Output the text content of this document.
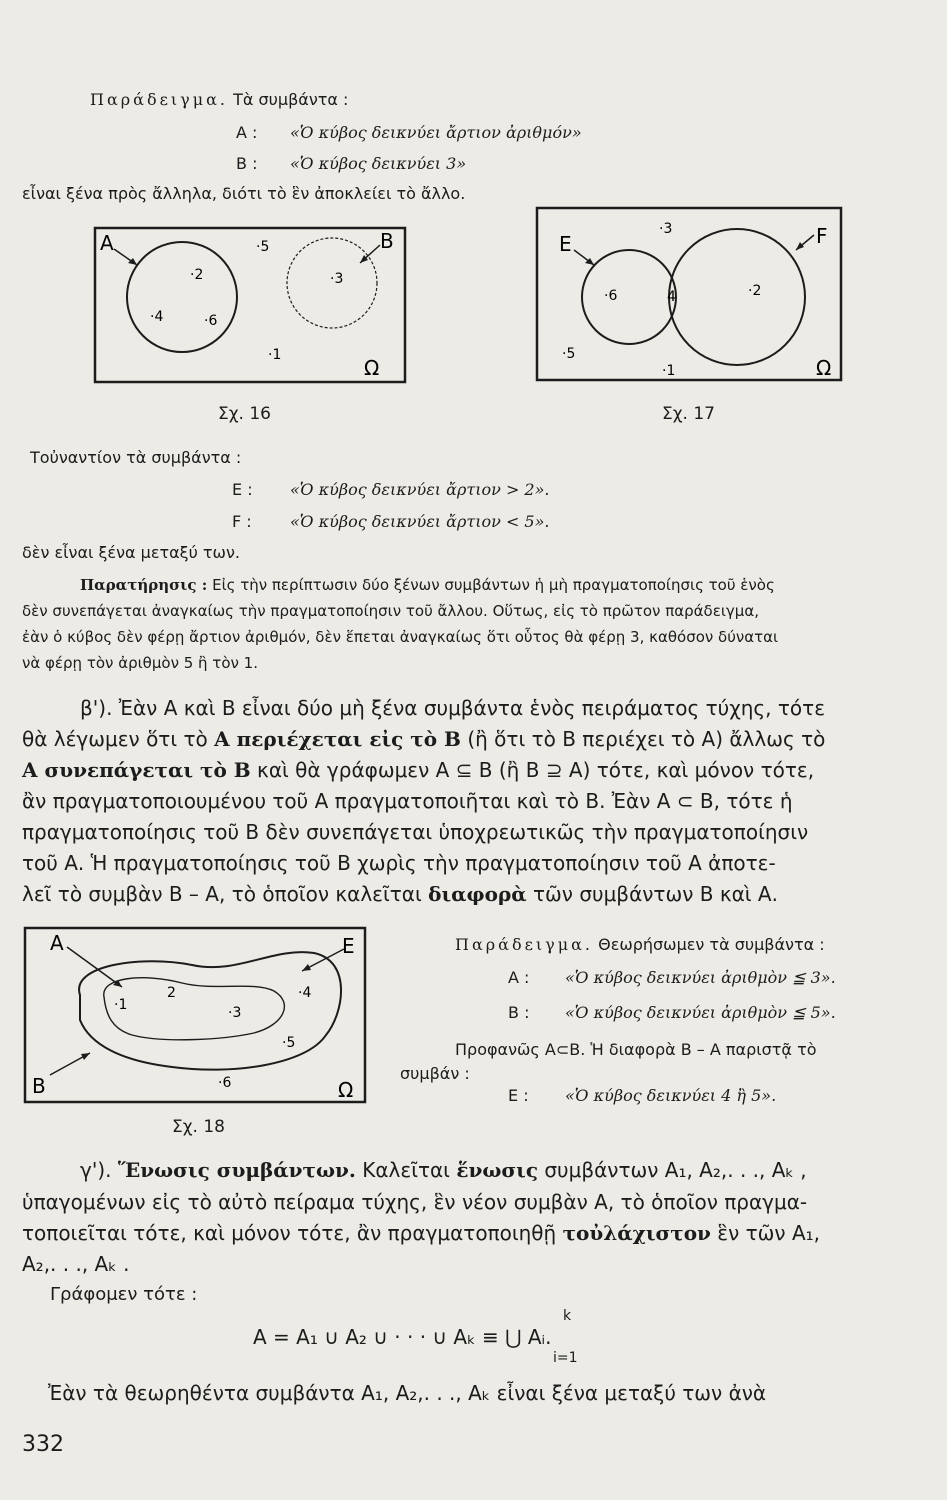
Παράδειγμα. Τὰ συμβάντα :
Α : «Ὁ κύβος δεικνύει ἄρτιον ἀριθμόν»
Β : «Ὁ κύβος δεικνύει 3»
εἶναι ξένα πρὸς ἄλληλα, διότι τὸ ἓν ἀποκλείει τὸ ἄλλο.
Α	Β
Ω
·2
·4	·6
·5
·3
·1
Σχ. 16
Ε	F
Ω
·3
·6	4	·2
·5
·1
Σχ. 17
Τοὐναντίον τὰ συμβάντα :
Ε : «Ὁ κύβος δεικνύει ἄρτιον > 2».
F : «Ὁ κύβος δεικνύει ἄρτιον < 5».
δὲν εἶναι ξένα μεταξύ των.
Παρατήρησις : Εἰς τὴν περίπτωσιν δύο ξένων συμβάντων ἡ μὴ πραγματοποίησις τοῦ ἑνὸς
δὲν συνεπάγεται ἀναγκαίως τὴν πραγματοποίησιν τοῦ ἄλλου. Οὕτως, εἰς τὸ πρῶτον παράδειγμα,
ἐὰν ὁ κύβος δὲν φέρῃ ἄρτιον ἀριθμόν, δὲν ἕπεται ἀναγκαίως ὅτι οὗτος θὰ φέρῃ 3, καθόσον δύναται
νὰ φέρῃ τὸν ἀριθμὸν 5 ἢ τὸν 1.
β'). Ἐὰν Α καὶ Β εἶναι δύο μὴ ξένα συμβάντα ἑνὸς πειράματος τύχης, τότε
θὰ λέγωμεν ὅτι τὸ Α περιέχεται εἰς τὸ Β (ἢ ὅτι τὸ Β περιέχει τὸ Α) ἄλλως τὸ
Α συνεπάγεται τὸ Β καὶ θὰ γράφωμεν Α ⊆ Β (ἢ Β ⊇ Α) τότε, καὶ μόνον τότε,
ἂν πραγματοποιουμένου τοῦ Α πραγματοποιῆται καὶ τὸ Β. Ἐὰν Α ⊂ Β, τότε ἡ
πραγματοποίησις τοῦ Β δὲν συνεπάγεται ὑποχρεωτικῶς τὴν πραγματοποίησιν
τοῦ Α. Ἡ πραγματοποίησις τοῦ Β χωρὶς τὴν πραγματοποίησιν τοῦ Α ἀποτε-
λεῖ τὸ συμβὰν Β – Α, τὸ ὁποῖον καλεῖται διαφορὰ τῶν συμβάντων Β καὶ Α.
Α	Ε
Β	Ω
·1
2
·3
·4
·5
·6
Σχ. 18
Παράδειγμα. Θεωρήσωμεν τὰ συμβάντα :
Α : «Ὁ κύβος δεικνύει ἀριθμὸν ≦ 3».
Β : «Ὁ κύβος δεικνύει ἀριθμὸν ≦ 5».
Προφανῶς Α⊂Β. Ἡ διαφορὰ Β – Α παριστᾷ τὸ
συμβάν :
Ε : «Ὁ κύβος δεικνύει 4 ἢ 5».
γ'). Ἕνωσις συμβάντων. Καλεῖται ἕνωσις συμβάντων Α₁, Α₂,. . ., Αₖ ,
ὑπαγομένων εἰς τὸ αὐτὸ πείραμα τύχης, ἓν νέον συμβὰν Α, τὸ ὁποῖον πραγμα-
τοποιεῖται τότε, καὶ μόνον τότε, ἂν πραγματοποιηθῇ τοὐλάχιστον ἓν τῶν Α₁,
Α₂,. . ., Αₖ .
Γράφομεν τότε :
k
Α = Α₁ ∪ Α₂ ∪ · · · ∪ Αₖ ≡ ⋃ Αᵢ.
i=1
Ἐὰν τὰ θεωρηθέντα συμβάντα Α₁, Α₂,. . ., Αₖ εἶναι ξένα μεταξύ των ἀνὰ
332
